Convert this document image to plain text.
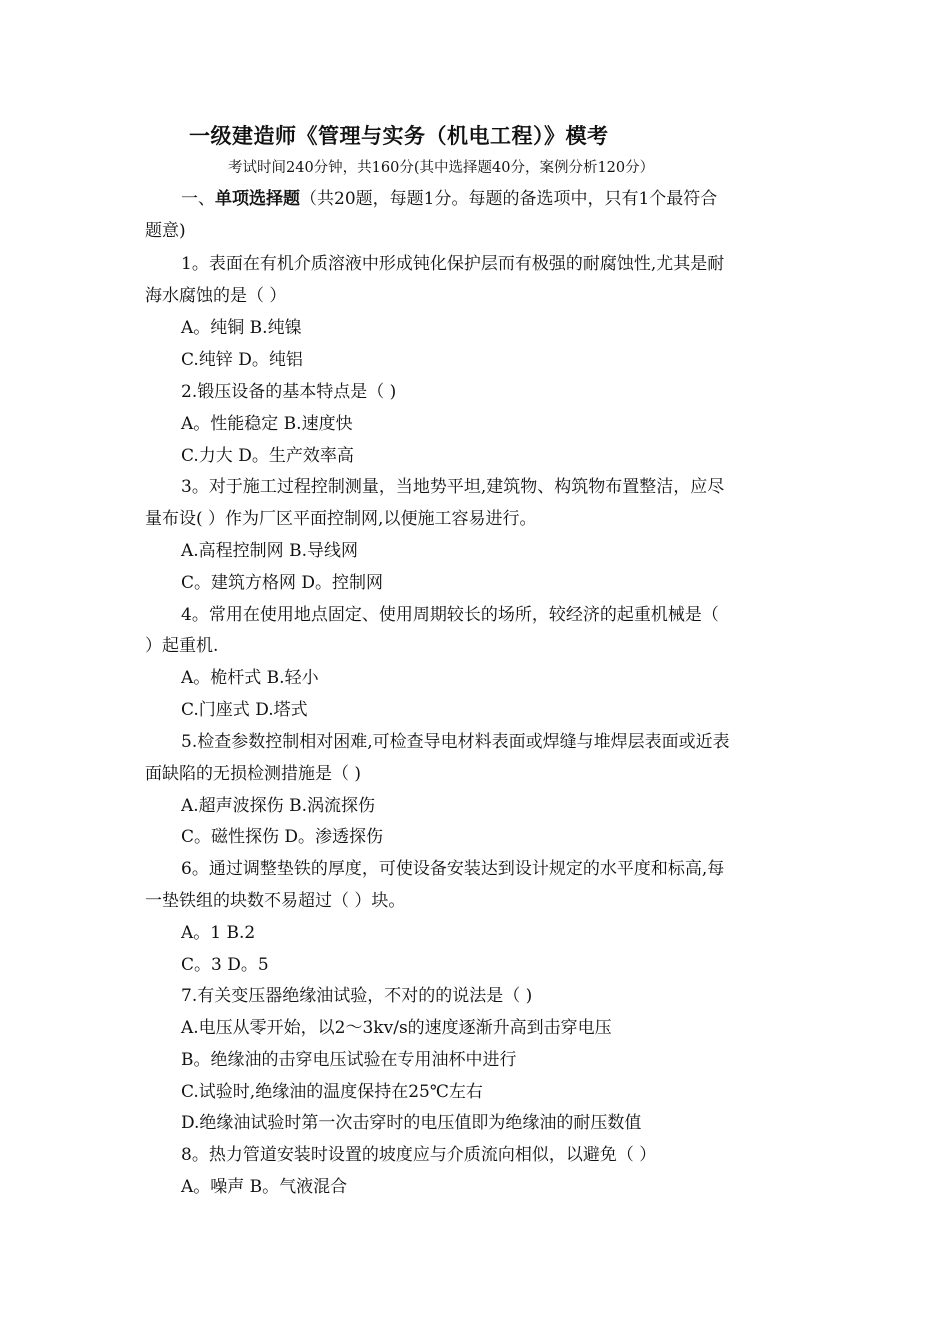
一级建造师《管理与实务（机电工程）》模考
考试时间240分钟，共160分(其中选择题40分，案例分析120分）
一、单项选择题（共20题，每题1分。每题的备选项中，只有1个最符合
题意)
1。表面在有机介质溶液中形成钝化保护层而有极强的耐腐蚀性,尤其是耐
海水腐蚀的是（ ）
A。纯铜 B.纯镍
C.纯锌 D。纯铝
2.锻压设备的基本特点是（ )
A。性能稳定 B.速度快
C.力大 D。生产效率高
3。对于施工过程控制测量，当地势平坦,建筑物、构筑物布置整洁，应尽
量布设( ）作为厂区平面控制网,以便施工容易进行。
A.高程控制网 B.导线网
C。建筑方格网 D。控制网
4。常用在使用地点固定、使用周期较长的场所，较经济的起重机械是（
）起重机.
A。桅杆式 B.轻小
C.门座式 D.塔式
5.检查参数控制相对困难,可检查导电材料表面或焊缝与堆焊层表面或近表
面缺陷的无损检测措施是（ )
A.超声波探伤 B.涡流探伤
C。磁性探伤 D。渗透探伤
6。通过调整垫铁的厚度，可使设备安装达到设计规定的水平度和标高,每
一垫铁组的块数不易超过（ ）块。
A。1 B.2
C。3 D。5
7.有关变压器绝缘油试验，不对的的说法是（ )
A.电压从零开始，以2～3kv/s的速度逐渐升高到击穿电压
B。绝缘油的击穿电压试验在专用油杯中进行
C.试验时,绝缘油的温度保持在25℃左右
D.绝缘油试验时第一次击穿时的电压值即为绝缘油的耐压数值
8。热力管道安装时设置的坡度应与介质流向相似，以避免（ ）
A。噪声 B。气液混合
